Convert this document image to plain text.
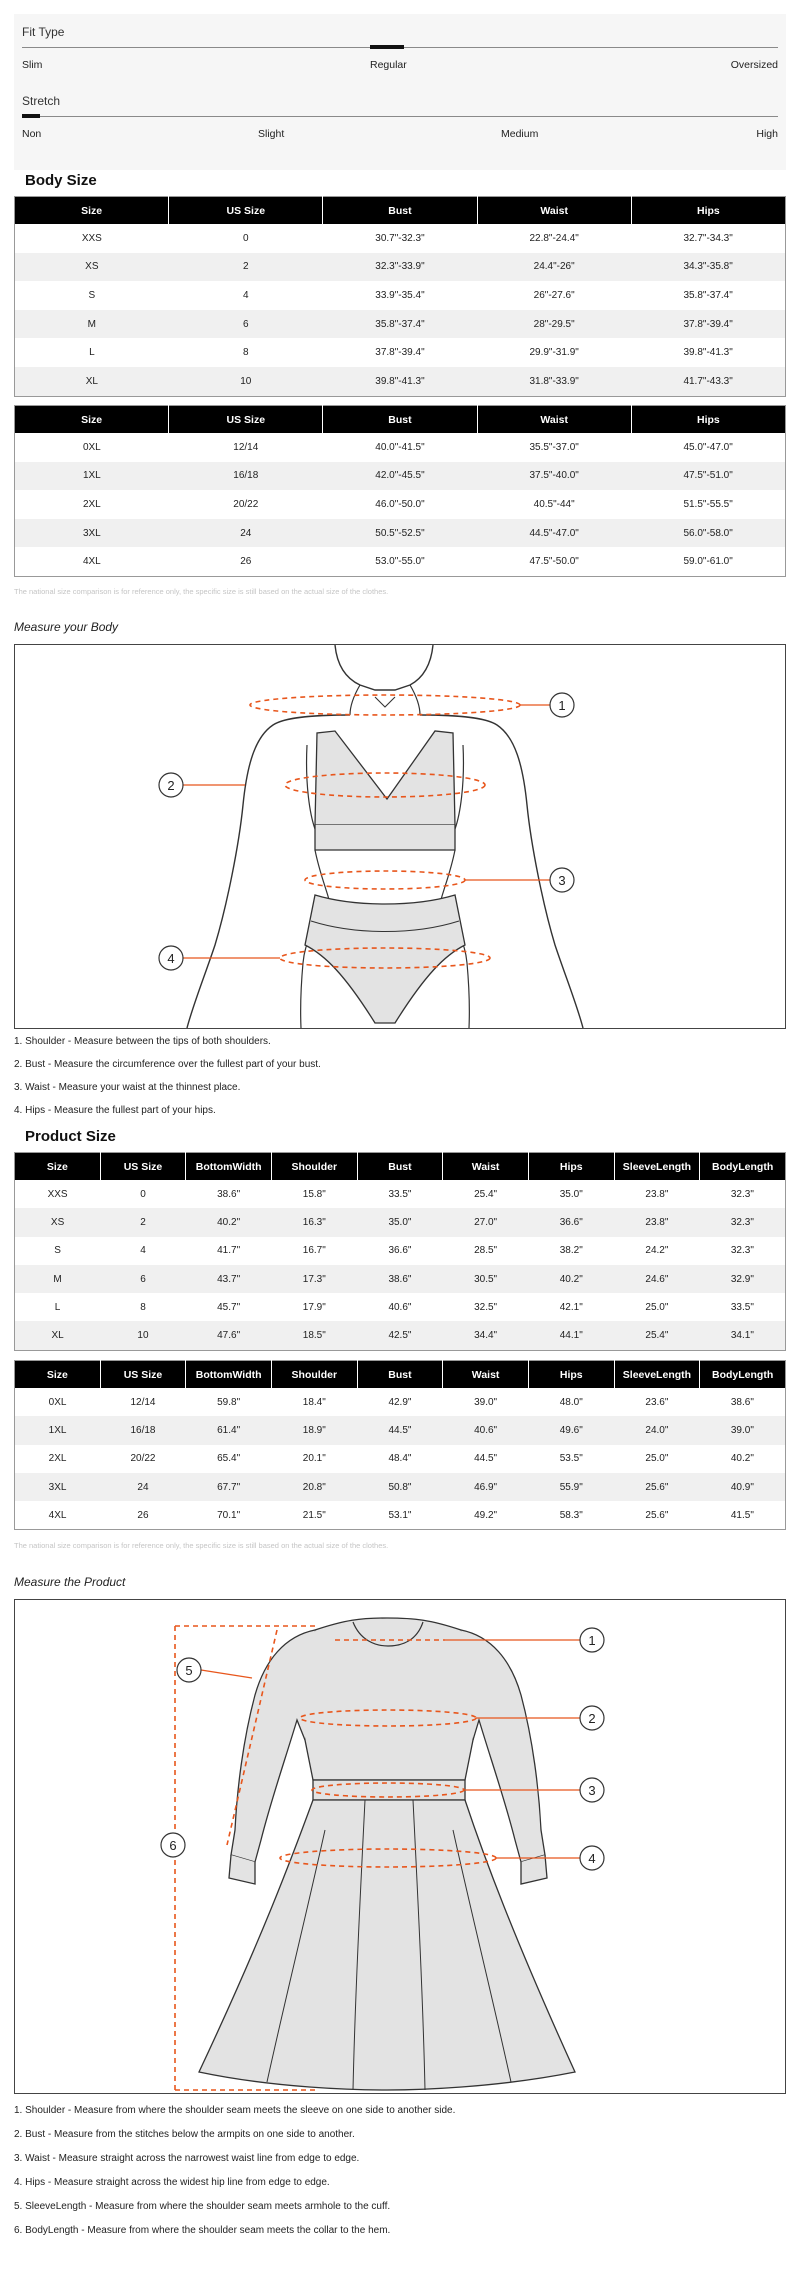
Fit Type
Slim	Regular	Oversized
Stretch
Non	Slight	Medium	High
Body Size
Size	US Size	Bust	Waist	Hips
XXS	0	30.7"-32.3"	22.8"-24.4"	32.7"-34.3"
XS	2	32.3"-33.9"	24.4"-26"	34.3"-35.8"
S	4	33.9"-35.4"	26"-27.6"	35.8"-37.4"
M	6	35.8"-37.4"	28"-29.5"	37.8"-39.4"
L	8	37.8"-39.4"	29.9"-31.9"	39.8"-41.3"
XL	10	39.8"-41.3"	31.8"-33.9"	41.7"-43.3"
Size	US Size	Bust	Waist	Hips
0XL	12/14	40.0"-41.5"	35.5"-37.0"	45.0"-47.0"
1XL	16/18	42.0"-45.5"	37.5"-40.0"	47.5"-51.0"
2XL	20/22	46.0"-50.0"	40.5"-44"	51.5"-55.5"
3XL	24	50.5"-52.5"	44.5"-47.0"	56.0"-58.0"
4XL	26	53.0"-55.0"	47.5"-50.0"	59.0"-61.0"
The national size comparison is for reference only, the specific size is still based on the actual size of the clothes.
Measure your Body
1
2
3
4
1. Shoulder - Measure between the tips of both shoulders.
2. Bust - Measure the circumference over the fullest part of your bust.
3. Waist - Measure your waist at the thinnest place.
4. Hips - Measure the fullest part of your hips.
Product Size
Size	US Size	BottomWidth	Shoulder	Bust	Waist	Hips	SleeveLength	BodyLength
XXS	0	38.6"	15.8"	33.5"	25.4"	35.0"	23.8"	32.3"
XS	2	40.2"	16.3"	35.0"	27.0"	36.6"	23.8"	32.3"
S	4	41.7"	16.7"	36.6"	28.5"	38.2"	24.2"	32.3"
M	6	43.7"	17.3"	38.6"	30.5"	40.2"	24.6"	32.9"
L	8	45.7"	17.9"	40.6"	32.5"	42.1"	25.0"	33.5"
XL	10	47.6"	18.5"	42.5"	34.4"	44.1"	25.4"	34.1"
Size	US Size	BottomWidth	Shoulder	Bust	Waist	Hips	SleeveLength	BodyLength
0XL	12/14	59.8"	18.4"	42.9"	39.0"	48.0"	23.6"	38.6"
1XL	16/18	61.4"	18.9"	44.5"	40.6"	49.6"	24.0"	39.0"
2XL	20/22	65.4"	20.1"	48.4"	44.5"	53.5"	25.0"	40.2"
3XL	24	67.7"	20.8"	50.8"	46.9"	55.9"	25.6"	40.9"
4XL	26	70.1"	21.5"	53.1"	49.2"	58.3"	25.6"	41.5"
The national size comparison is for reference only, the specific size is still based on the actual size of the clothes.
Measure the Product
1
2
3
4
5
6
1. Shoulder - Measure from where the shoulder seam meets the sleeve on one side to another side.
2. Bust - Measure from the stitches below the armpits on one side to another.
3. Waist - Measure straight across the narrowest waist line from edge to edge.
4. Hips - Measure straight across the widest hip line from edge to edge.
5. SleeveLength - Measure from where the shoulder seam meets armhole to the cuff.
6. BodyLength - Measure from where the shoulder seam meets the collar to the hem.
